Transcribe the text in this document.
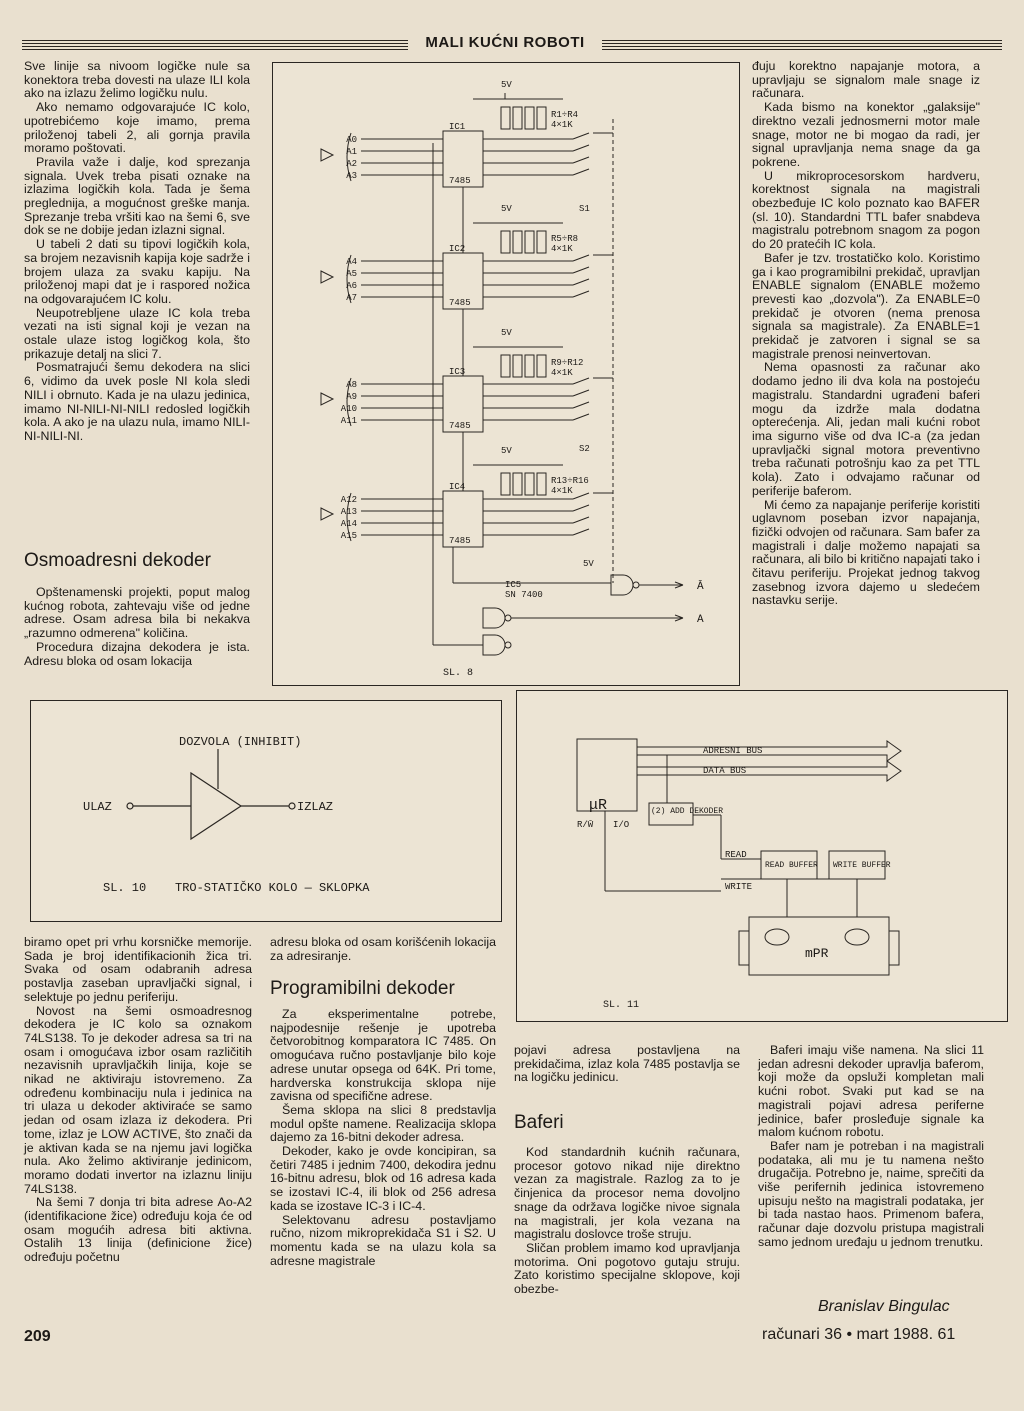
MALI KUĆNI ROBOTI

Sve linije sa nivoom logičke nule sa konektora treba dovesti na ulaze ILI kola ako na izlazu želimo logičku nulu.

Ako nemamo odgovarajuće IC kolo, upotrebićemo koje imamo, prema priloženoj tabeli 2, ali gornja pravila moramo poštovati.

Pravila važe i dalje, kod sprezanja signala. Uvek treba pisati oznake na izlazima logičkih kola. Tada je šema preglednija, a mogućnost greške manja. Sprezanje treba vršiti kao na šemi 6, sve dok se ne dobije jedan izlazni signal.

U tabeli 2 dati su tipovi logičkih kola, sa brojem nezavisnih kapija koje sadrže i brojem ulaza za svaku kapiju. Na priloženoj mapi dat je i raspored nožica na odgovarajućem IC kolu.

Neupotrebljene ulaze IC kola treba vezati na isti signal koji je vezan na ostale ulaze istog logičkog kola, što prikazuje detalj na slici 7.

Posmatrajući šemu dekodera na slici 6, vidimo da uvek posle NI kola sledi NILI i obrnuto. Kada je na ulazu jedinica, imamo NI-NILI-NI-NILI redosled logičkih kola. A ako je na ulazu nula, imamo NILI-NI-NILI-NI.

Osmoadresni dekoder

Opštenamenski projekti, poput malog kućnog robota, zahtevaju više od jedne adrese. Osam adresa bila bi nekakva „razumno odmerena" količina.

Procedura dizajna dekodera je ista. Adresu bloka od osam lokacija

A0
A1
A2
A3
A4
A5
A6
A7
A8
A9
A10
A11
A12
A13
A14
A15
IC1
IC2
IC3
IC4
7485
7485
7485
7485
R1÷R4
R5÷R8
R9÷R12
R13÷R16
4×1K
4×1K
4×1K
4×1K
5V
5V
5V
5V
5V
S1
S2
IC5
SN 7400
Ā
A
SL. 8

đuju korektno napajanje motora, a upravljaju se signalom male snage iz računara.

Kada bismo na konektor „galaksije" direktno vezali jednosmerni motor male snage, motor ne bi mogao da radi, jer signal upravljanja nema snage da ga pokrene.

U mikroprocesorskom hardveru, korektnost signala na magistrali obezbeđuje IC kolo poznato kao BAFER (sl. 10). Standardni TTL bafer snabdeva magistralu potrebnom snagom za pogon do 20 pratećih IC kola.

Bafer je tzv. trostatičko kolo. Koristimo ga i kao programibilni prekidač, upravljan ENABLE signalom (ENABLE možemo prevesti kao „dozvola"). Za ENABLE=0 prekidač je otvoren (nema prenosa signala sa magistrale). Za ENABLE=1 prekidač je zatvoren i signal se sa magistrale prenosi neinvertovan.

Nema opasnosti za računar ako dodamo jedno ili dva kola na postojeću magistralu. Standardni ugrađeni baferi mogu da izdrže mala dodatna opterećenja. Ali, jedan mali kućni robot ima sigurno više od dva IC-a (za jedan upravljački signal motora preventivno treba računati potrošnju kao za pet TTL kola). Zato i odvajamo računar od periferije baferom.

Mi ćemo za napajanje periferije koristiti uglavnom poseban izvor napajanja, fizički odvojen od računara. Sam bafer za magistrali i dalje možemo napajati sa računara, ali bilo bi kritično napajati tako i čitavu periferiju. Projekat jednog takvog zasebnog izvora dajemo u sledećem nastavku serije.

DOZVOLA (INHIBIT)
ULAZ	IZLAZ
SL. 10 TRO-STATIČKO KOLO — SKLOPKA
ADRESNI BUS
DATA BUS
μR
R/W̄ I/O
(2) ADD DEKODER
READ
WRITE
READ BUFFER WRITE BUFFER
mPR
SL. 11

biramo opet pri vrhu korsničke memorije. Sada je broj identifikacionih žica tri. Svaka od osam odabranih adresa postavlja zaseban upravljački signal, i selektuje po jednu periferiju.

Novost na šemi osmoadresnog dekodera je IC kolo sa oznakom 74LS138. To je dekoder adresa sa tri na osam i omogućava izbor osam različitih nezavisnih upravljačkih linija, koje se nikad ne aktiviraju istovremeno. Za određenu kombinaciju nula i jedinica na tri ulaza u dekoder aktiviraće se samo jedan od osam izlaza iz dekodera. Pri tome, izlaz je LOW ACTIVE, što znači da je aktivan kada se na njemu javi logička nula. Ako želimo aktiviranje jedinicom, moramo dodati invertor na izlaznu liniju 74LS138.

Na šemi 7 donja tri bita adrese Ao-A2 (identifikacione žice) određuju koja će od osam mogućih adresa biti aktivna. Ostalih 13 linija (definicione žice) određuju početnu

209

adresu bloka od osam korišćenih lokacija za adresiranje.

Programibilni dekoder

Za eksperimentalne potrebe, najpodesnije rešenje je upotreba četvorobitnog komparatora IC 7485. On omogućava ručno postavljanje bilo koje adrese unutar opsega od 64K. Pri tome, hardverska konstrukcija sklopa nije zavisna od specifične adrese.

Šema sklopa na slici 8 predstavlja modul opšte namene. Realizacija sklopa dajemo za 16-bitni dekoder adresa.

Dekoder, kako je ovde koncipiran, sa četiri 7485 i jednim 7400, dekodira jednu 16-bitnu adresu, blok od 16 adresa kada se izostavi IC-4, ili blok od 256 adresa kada se izostave IC-3 i IC-4.

Selektovanu adresu postavljamo ručno, nizom mikroprekidača S1 i S2. U momentu kada se na ulazu kola sa adresne magistrale

pojavi adresa postavljena na prekidačima, izlaz kola 7485 postavlja se na logičku jedinicu.

Baferi

Kod standardnih kućnih računara, procesor gotovo nikad nije direktno vezan za magistrale. Razlog za to je činjenica da procesor nema dovoljno snage da održava logičke nivoe signala na magistrali, jer kola vezana na magistralu doslovce troše struju.

Sličan problem imamo kod upravljanja motorima. Oni pogotovo gutaju struju. Zato koristimo specijalne sklopove, koji obezbe-

Baferi imaju više namena. Na slici 11 jedan adresni dekoder upravlja baferom, koji može da opsluži kompletan mali kućni robot. Svaki put kad se na magistrali pojavi adresa periferne jedinice, bafer prosleđuje signale ka malom kućnom robotu.

Bafer nam je potreban i na magistrali podataka, ali mu je tu namena nešto drugačija. Potrebno je, naime, sprečiti da više perifernih jedinica istovremeno upisuju nešto na magistrali podataka, jer bi tada nastao haos. Primenom bafera, računar daje dozvolu pristupa magistrali samo jednom uređaju u jednom trenutku.

Branislav Bingulac
računari 36 • mart 1988. 61
